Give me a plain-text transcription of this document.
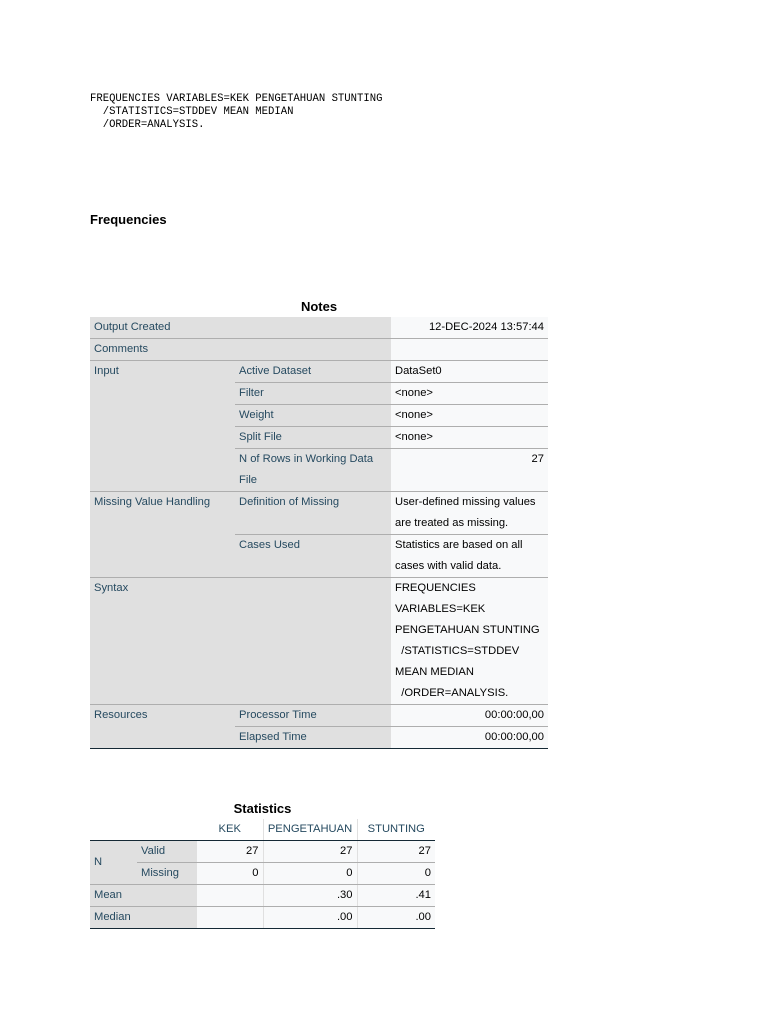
FREQUENCIES VARIABLES=KEK PENGETAHUAN STUNTING
/STATISTICS=STDDEV MEAN MEDIAN
/ORDER=ANALYSIS.
Frequencies
Notes
Output Created		12-DEC-2024 13:57:44
Comments		
Input	Active Dataset	DataSet0
	Filter	<none>
	Weight	<none>
	Split File	<none>
	N of Rows in Working Data File	27
Missing Value Handling	Definition of Missing	User-defined missing values are treated as missing.
	Cases Used	Statistics are based on all cases with valid data.
Syntax		FREQUENCIES VARIABLES=KEK PENGETAHUAN STUNTING
/STATISTICS=STDDEV MEAN MEDIAN
/ORDER=ANALYSIS.
Resources	Processor Time	00:00:00,00
	Elapsed Time	00:00:00,00
Statistics
		KEK	PENGETAHUAN	STUNTING
N	Valid	27	27	27
	Missing	0	0	0
Mean			.30	.41
Median			.00	.00
